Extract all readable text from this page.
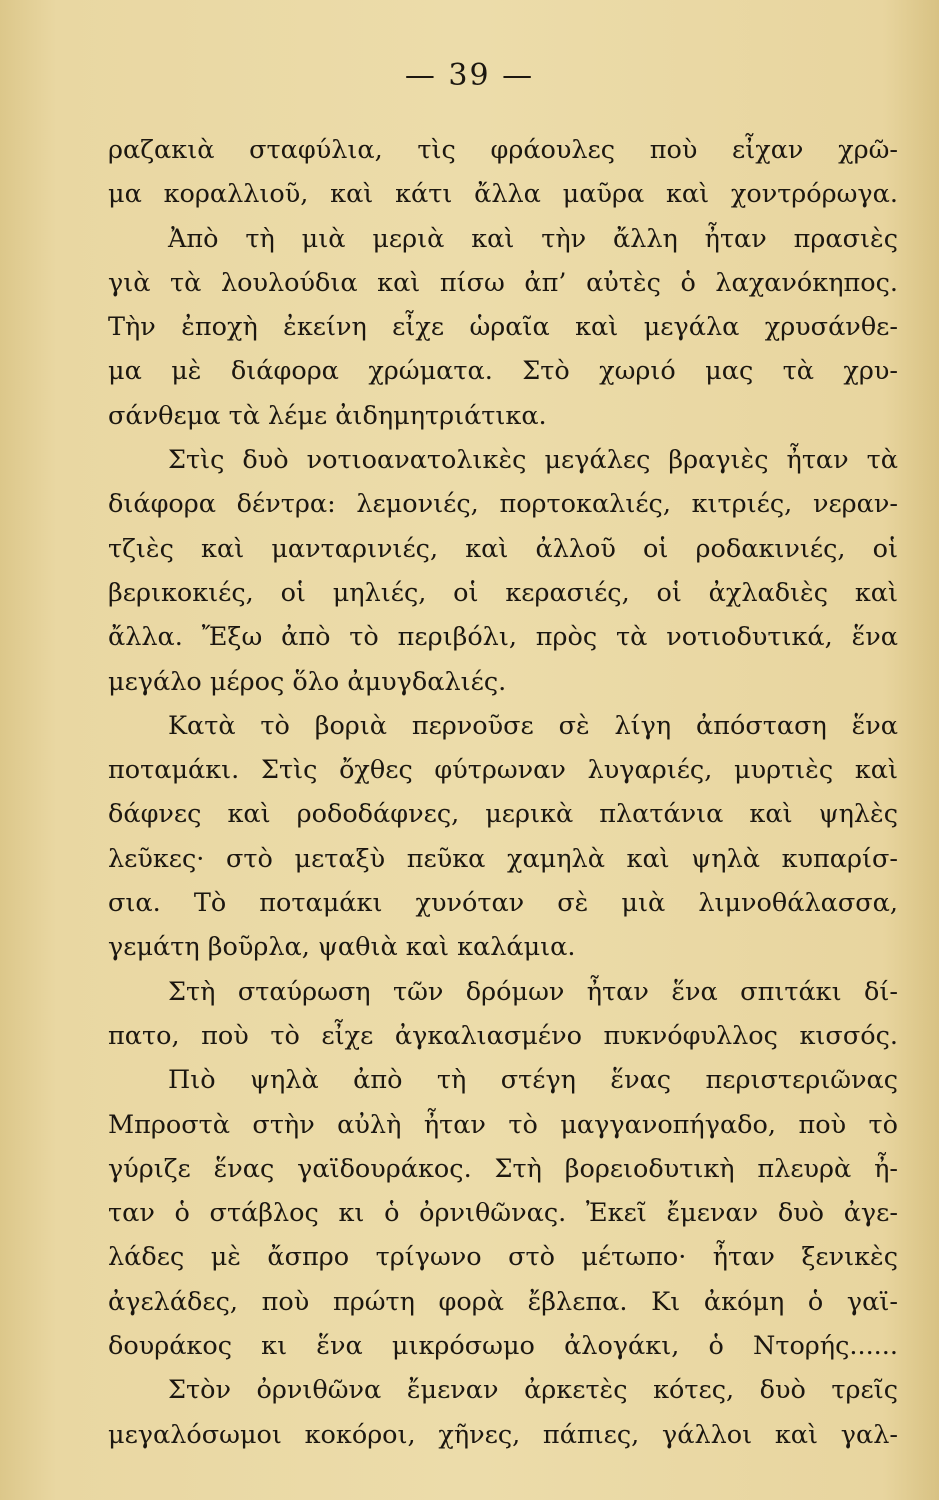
— 39 —
ραζακιὰ σταφύλια, τὶς φράουλες ποὺ εἶχαν χρῶ-
μα κοραλλιοῦ, καὶ κάτι ἄλλα μαῦρα καὶ χοντρόρωγα.
Ἀπὸ τὴ μιὰ μεριὰ καὶ τὴν ἄλλη ἦταν πρασιὲς
γιὰ τὰ λουλούδια καὶ πίσω ἀπ’ αὐτὲς ὁ λαχανόκηπος.
Τὴν ἐποχὴ ἐκείνη εἶχε ὡραῖα καὶ μεγάλα χρυσάνθε-
μα μὲ διάφορα χρώματα. Στὸ χωριό μας τὰ χρυ-
σάνθεμα τὰ λέμε ἀιδημητριάτικα.
Στὶς δυὸ νοτιοανατολικὲς μεγάλες βραγιὲς ἦταν τὰ
διάφορα δέντρα: λεμονιές, πορτοκαλιές, κιτριές, νεραν-
τζιὲς καὶ μανταρινιές, καὶ ἀλλοῦ οἱ ροδακινιές, οἱ
βερικοκιές, οἱ μηλιές, οἱ κερασιές, οἱ ἀχλαδιὲς καὶ
ἄλλα. Ἔξω ἀπὸ τὸ περιβόλι, πρὸς τὰ νοτιοδυτικά, ἕνα
μεγάλο μέρος ὅλο ἀμυγδαλιές.
Κατὰ τὸ βοριὰ περνοῦσε σὲ λίγη ἀπόσταση ἕνα
ποταμάκι. Στὶς ὄχθες φύτρωναν λυγαριές, μυρτιὲς καὶ
δάφνες καὶ ροδοδάφνες, μερικὰ πλατάνια καὶ ψηλὲς
λεῦκες· στὸ μεταξὺ πεῦκα χαμηλὰ καὶ ψηλὰ κυπαρίσ-
σια. Τὸ ποταμάκι χυνόταν σὲ μιὰ λιμνοθάλασσα,
γεμάτη βοῦρλα, ψαθιὰ καὶ καλάμια.
Στὴ σταύρωση τῶν δρόμων ἦταν ἕνα σπιτάκι δί-
πατο, ποὺ τὸ εἶχε ἀγκαλιασμένο πυκνόφυλλος κισσός.
Πιὸ ψηλὰ ἀπὸ τὴ στέγη ἕνας περιστεριῶνας
Μπροστὰ στὴν αὐλὴ ἦταν τὸ μαγγανοπήγαδο, ποὺ τὸ
γύριζε ἕνας γαϊδουράκος. Στὴ βορειοδυτικὴ πλευρὰ ἦ-
ταν ὁ στάβλος κι ὁ ὀρνιθῶνας. Ἐκεῖ ἔμεναν δυὸ ἀγε-
λάδες μὲ ἄσπρο τρίγωνο στὸ μέτωπο· ἦταν ξενικὲς
ἀγελάδες, ποὺ πρώτη φορὰ ἔβλεπα. Κι ἀκόμη ὁ γαϊ-
δουράκος κι ἕνα μικρόσωμο ἀλογάκι, ὁ Ντορής......
Στὸν ὀρνιθῶνα ἔμεναν ἀρκετὲς κότες, δυὸ τρεῖς
μεγαλόσωμοι κοκόροι, χῆνες, πάπιες, γάλλοι καὶ γαλ-
